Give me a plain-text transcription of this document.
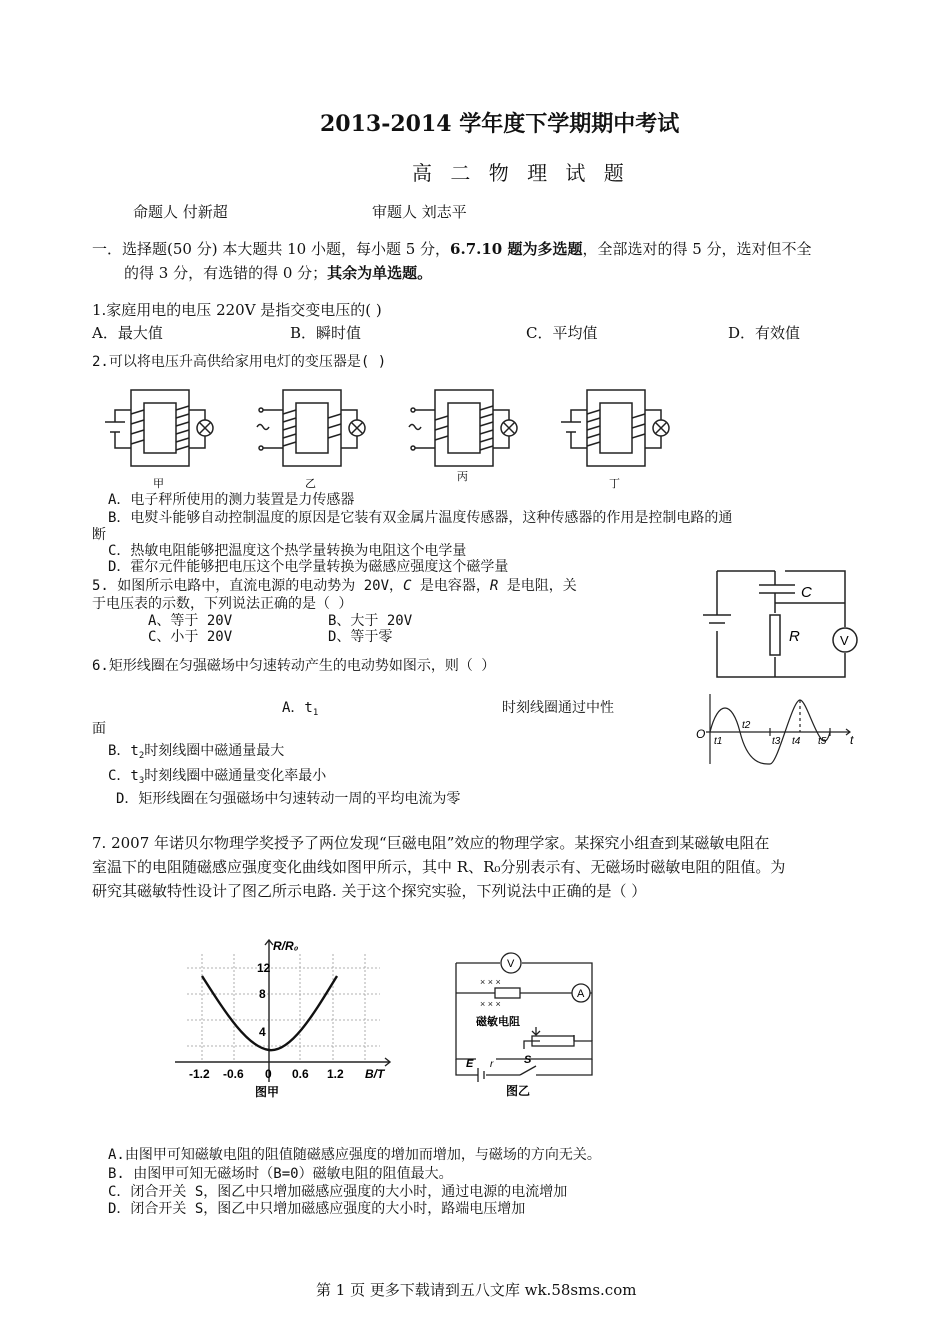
2013-2014 学年度下学期期中考试
高 二 物 理 试 题
命题人 付新超	审题人 刘志平
一．选择题(50 分) 本大题共 10 小题，每小题 5 分，6.7.10 题为多选题，全部选对的得 5 分，选对但不全
的得 3 分，有选错的得 0 分；其余为单选题。
1.家庭用电的电压 220V 是指交变电压的( )
A．最大值	B．瞬时值	C．平均值	D．有效值
2.可以将电压升高供给家用电灯的变压器是( )
甲	乙
丙
丁
A．电子秤所使用的测力装置是力传感器
B．电熨斗能够自动控制温度的原因是它装有双金属片温度传感器，这种传感器的作用是控制电路的通
断
C．热敏电阻能够把温度这个热学量转换为电阻这个电学量
D．霍尔元件能够把电压这个电学量转换为磁感应强度这个磁学量
5. 如图所示电路中，直流电源的电动势为 20V，C 是电容器，R 是电阻，关
于电压表的示数，下列说法正确的是（ ）
A、等于 20V	B、大于 20V
C、小于 20V	D、等于零
C
R	V
6.矩形线圈在匀强磁场中匀速转动产生的电动势如图示，则（ ）
A．$t_1$	时刻线圈通过中性
面
B．$t_2$时刻线圈中磁通量最大
C．$t_3$时刻线圈中磁通量变化率最小
D．矩形线圈在匀强磁场中匀速转动一周的平均电流为零
O	t
t1
t2
t3 t4 t5
7. 2007 年诺贝尔物理学奖授予了两位发现“巨磁电阻”效应的物理学家。某探究小组查到某磁敏电阻在
室温下的电阻随磁感应强度变化曲线如图甲所示，其中 R、R₀分别表示有、无磁场时磁敏电阻的阻值。为
研究其磁敏特性设计了图乙所示电路. 关于这个探究实验，下列说法中正确的是（ ）
R/R₀
B/T
12
8
4
-1.2 -0.6 0 0.6 1.2
图甲
× × ×
× × ×
V
A
磁敏电阻
E r	S
图乙
A.由图甲可知磁敏电阻的阻值随磁感应强度的增加而增加，与磁场的方向无关。
B. 由图甲可知无磁场时（B=0）磁敏电阻的阻值最大。
C．闭合开关 S，图乙中只增加磁感应强度的大小时，通过电源的电流增加
D．闭合开关 S，图乙中只增加磁感应强度的大小时，路端电压增加
第 1 页 更多下载请到五八文库 wk.58sms.com
